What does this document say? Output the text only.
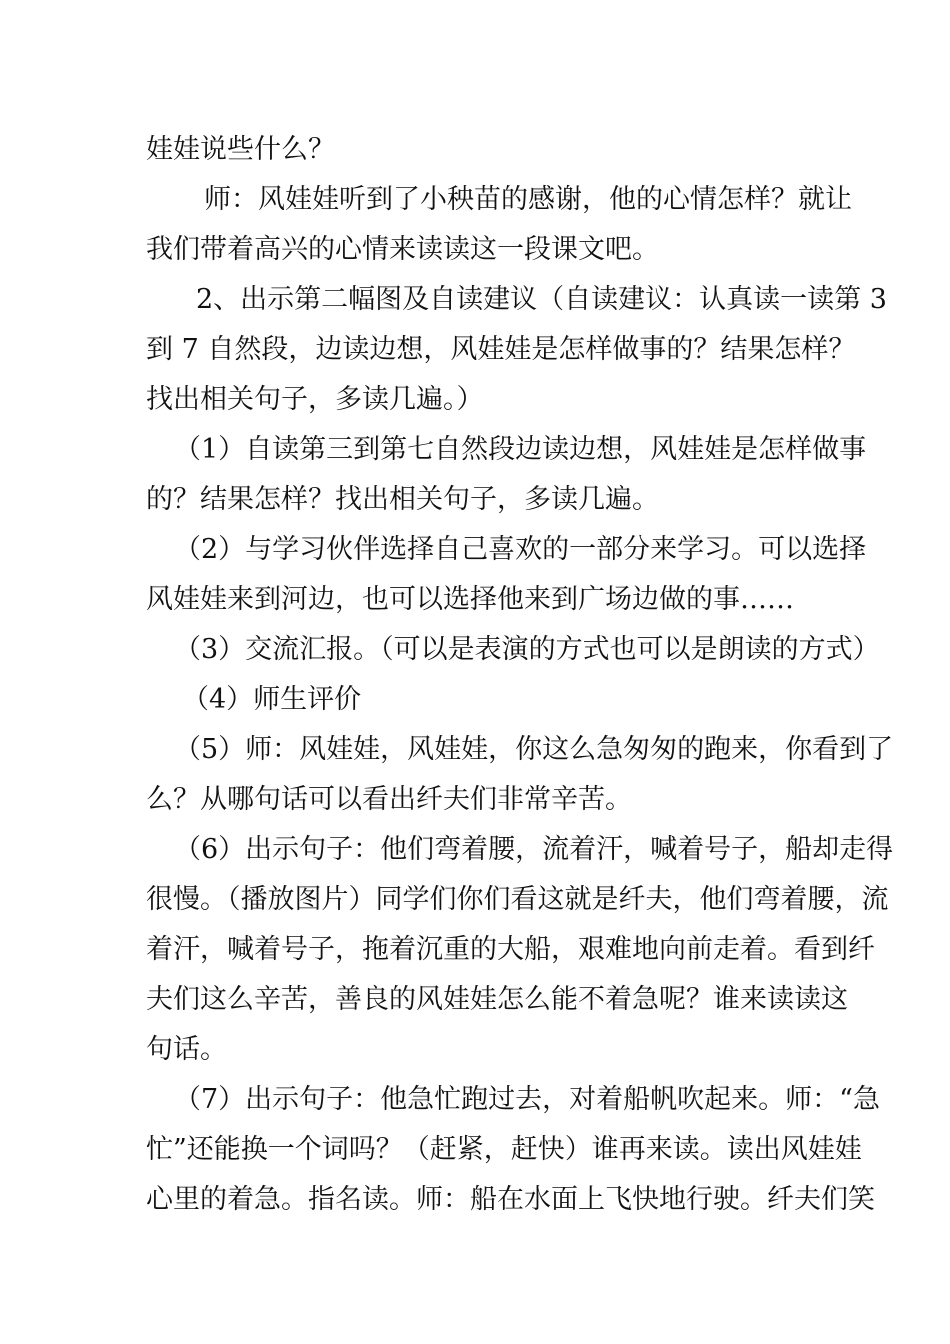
娃娃说些什么？
师：风娃娃听到了小秧苗的感谢，他的心情怎样？就让
我们带着高兴的心情来读读这一段课文吧。
2、出示第二幅图及自读建议（自读建议：认真读一读第 3
到 7 自然段，边读边想，风娃娃是怎样做事的？结果怎样？
找出相关句子，多读几遍。）
（1）自读第三到第七自然段边读边想，风娃娃是怎样做事
的？结果怎样？找出相关句子，多读几遍。
（2）与学习伙伴选择自己喜欢的一部分来学习。可以选择
风娃娃来到河边，也可以选择他来到广场边做的事……
（3）交流汇报。（可以是表演的方式也可以是朗读的方式）
（4）师生评价
（5）师：风娃娃，风娃娃，你这么急匆匆的跑来，你看到了
么？从哪句话可以看出纤夫们非常辛苦。
（6）出示句子：他们弯着腰，流着汗，喊着号子，船却走得
很慢。（播放图片）同学们你们看这就是纤夫，他们弯着腰，流
着汗，喊着号子，拖着沉重的大船，艰难地向前走着。看到纤
夫们这么辛苦，善良的风娃娃怎么能不着急呢？谁来读读这
句话。
（7）出示句子：他急忙跑过去，对着船帆吹起来。师：“急
忙”还能换一个词吗？（赶紧，赶快）谁再来读。读出风娃娃
心里的着急。指名读。师：船在水面上飞快地行驶。纤夫们笑
